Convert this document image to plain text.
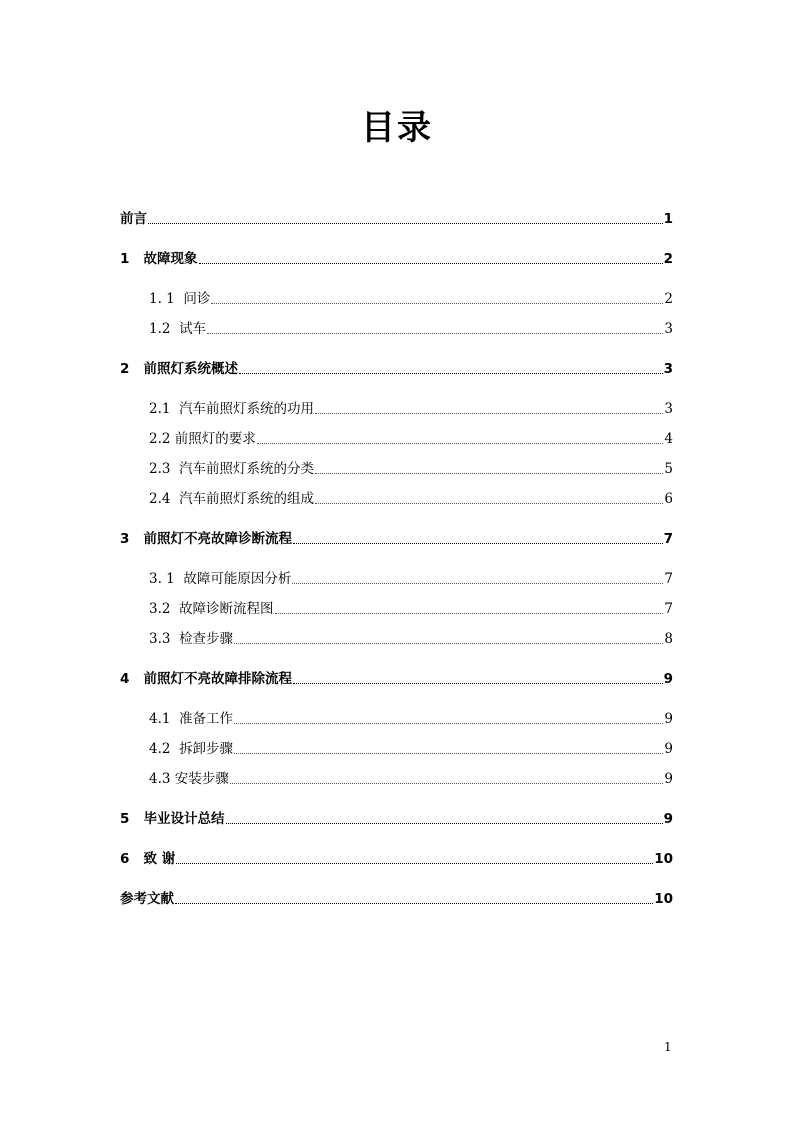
目录
前言	1
1 故障现象	2
1. 1 问诊	2
1.2 试车	3
2 前照灯系统概述	3
2.1 汽车前照灯系统的功用	3
2.2 前照灯的要求	4
2.3 汽车前照灯系统的分类	5
2.4 汽车前照灯系统的组成	6
3 前照灯不亮故障诊断流程	7
3. 1 故障可能原因分析	7
3.2 故障诊断流程图	7
3.3 检查步骤	8
4 前照灯不亮故障排除流程	9
4.1 准备工作	9
4.2 拆卸步骤	9
4.3 安装步骤	9
5 毕业设计总结	9
6 致 谢	10
参考文献	10
1
